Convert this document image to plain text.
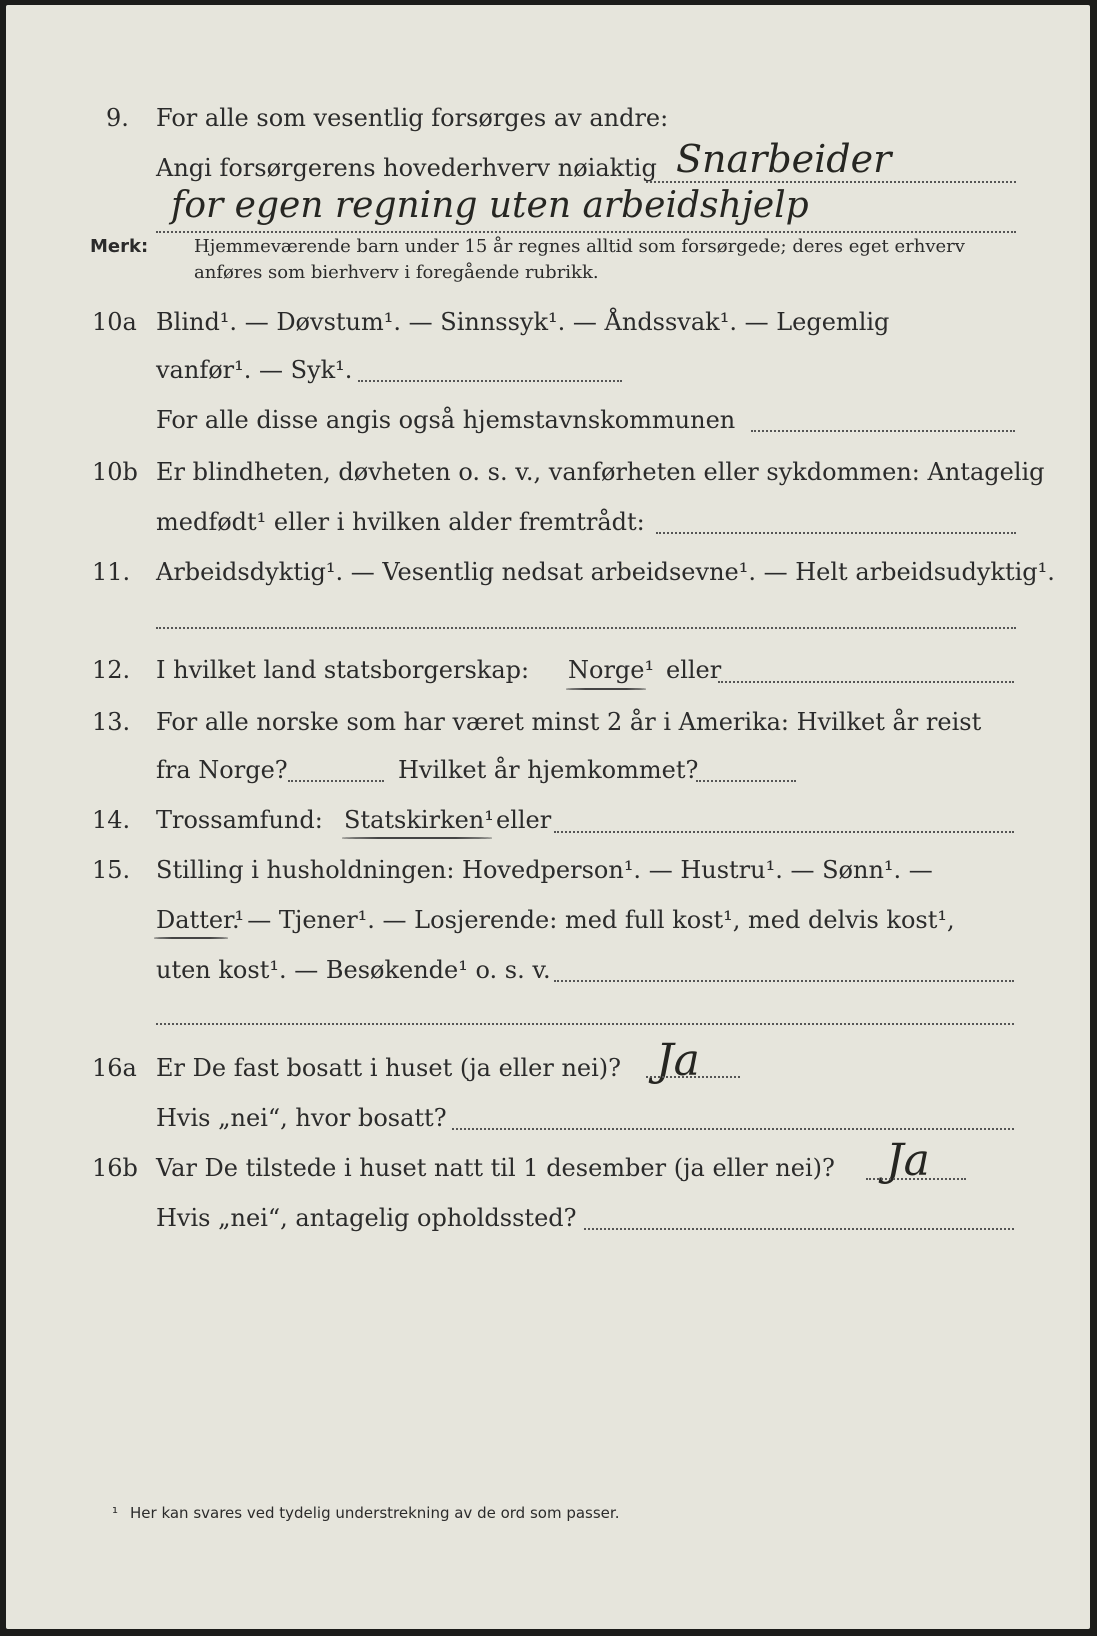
9. For alle som vesentlig forsørges av andre:
Angi forsørgerens hovederhverv nøiaktig Snarbeider
for egen regning uten arbeidshjelp
Merk:	Hjemmeværende barn under 15 år regnes alltid som forsørgede; deres eget erhverv
anføres som bierhverv i foregående rubrikk.
10a Blind¹. — Døvstum¹. — Sinnssyk¹. — Åndssvak¹. — Legemlig
vanfør¹. — Syk¹.
For alle disse angis også hjemstavnskommunen
10b Er blindheten, døvheten o. s. v., vanførheten eller sykdommen: Antagelig
medfødt¹ eller i hvilken alder fremtrådt:
11. Arbeidsdyktig¹. — Vesentlig nedsat arbeidsevne¹. — Helt arbeidsudyktig¹.
12. I hvilket land statsborgerskap: Norge¹ eller
13. For alle norske som har været minst 2 år i Amerika: Hvilket år reist
fra Norge?	Hvilket år hjemkommet?
14. Trossamfund: Statskirken¹ eller
15. Stilling i husholdningen: Hovedperson¹. — Hustru¹. — Sønn¹. —
Datter¹
. — Tjener¹. — Losjerende: med full kost¹, med delvis kost¹,
uten kost¹. — Besøkende¹ o. s. v.
16a Er De fast bosatt i huset (ja eller nei)? Ja
Hvis „nei“, hvor bosatt?
16b Var De tilstede i huset natt til 1 desember (ja eller nei)? Ja
Hvis „nei“, antagelig opholdssted?
¹ Her kan svares ved tydelig understrekning av de ord som passer.
